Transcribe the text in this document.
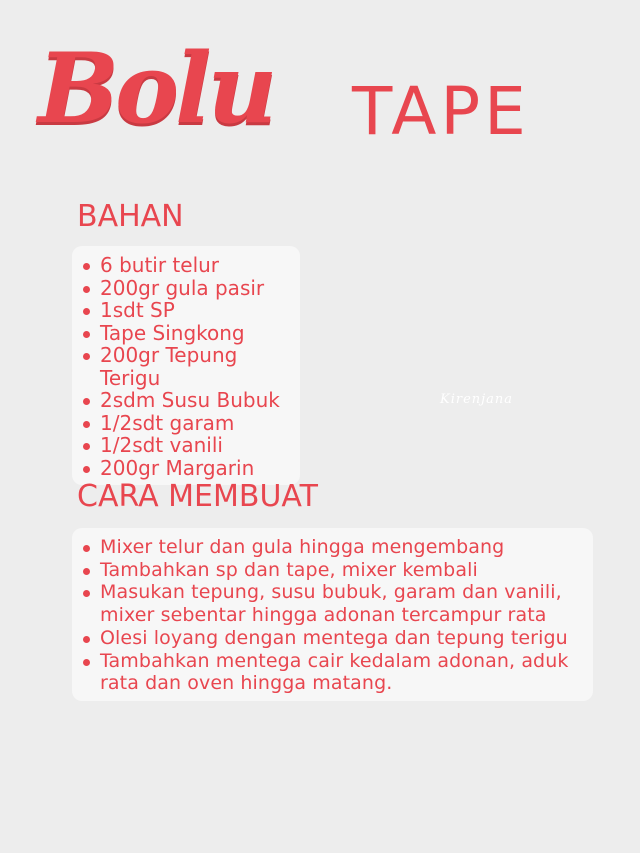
Bolu TAPE
BAHAN
6 butir telur
200gr gula pasir
1sdt SP
Tape Singkong
200gr Tepung Terigu
2sdm Susu Bubuk
1/2sdt garam
1/2sdt vanili
200gr Margarin
Kirenjana
CARA MEMBUAT
Mixer telur dan gula hingga mengembang
Tambahkan sp dan tape, mixer kembali
Masukan tepung, susu bubuk, garam dan vanili, mixer sebentar hingga adonan tercampur rata
Olesi loyang dengan mentega dan tepung terigu
Tambahkan mentega cair kedalam adonan, aduk rata dan oven hingga matang.
